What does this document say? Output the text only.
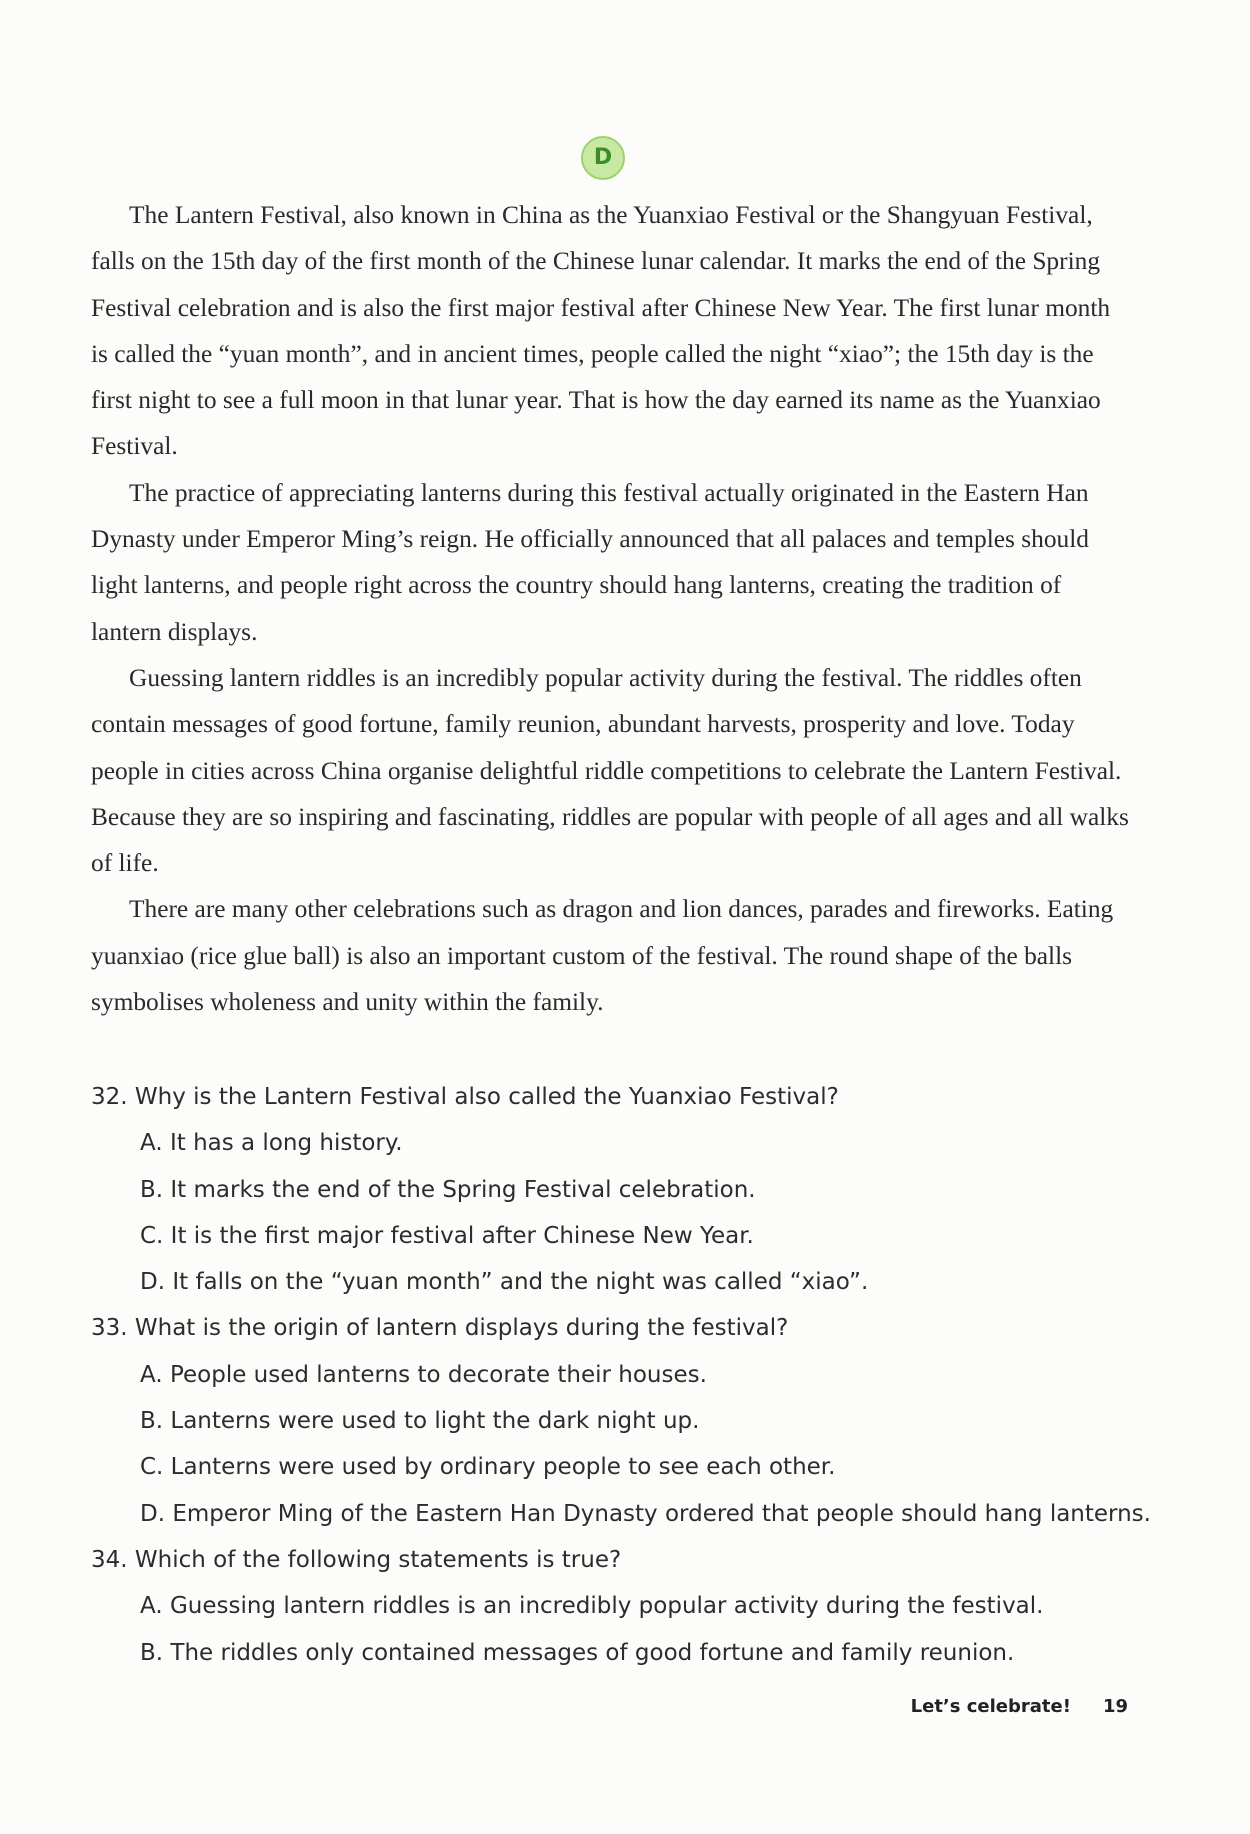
D

The Lantern Festival, also known in China as the Yuanxiao Festival or the Shangyuan Festival, falls on the 15th day of the first month of the Chinese lunar calendar. It marks the end of the Spring Festival celebration and is also the first major festival after Chinese New Year. The first lunar month is called the “yuan month”, and in ancient times, people called the night “xiao”; the 15th day is the first night to see a full moon in that lunar year. That is how the day earned its name as the Yuanxiao Festival.

The practice of appreciating lanterns during this festival actually originated in the Eastern Han Dynasty under Emperor Ming’s reign. He officially announced that all palaces and temples should light lanterns, and people right across the country should hang lanterns, creating the tradition of lantern displays.

Guessing lantern riddles is an incredibly popular activity during the festival. The riddles often contain messages of good fortune, family reunion, abundant harvests, prosperity and love. Today people in cities across China organise delightful riddle competitions to celebrate the Lantern Festival. Because they are so inspiring and fascinating, riddles are popular with people of all ages and all walks of life.

There are many other celebrations such as dragon and lion dances, parades and fireworks. Eating yuanxiao (rice glue ball) is also an important custom of the festival. The round shape of the balls symbolises wholeness and unity within the family.

32. Why is the Lantern Festival also called the Yuanxiao Festival?

A. It has a long history.

B. It marks the end of the Spring Festival celebration.

C. It is the first major festival after Chinese New Year.

D. It falls on the “yuan month” and the night was called “xiao”.

33. What is the origin of lantern displays during the festival?

A. People used lanterns to decorate their houses.

B. Lanterns were used to light the dark night up.

C. Lanterns were used by ordinary people to see each other.

D. Emperor Ming of the Eastern Han Dynasty ordered that people should hang lanterns.

34. Which of the following statements is true?

A. Guessing lantern riddles is an incredibly popular activity during the festival.

B. The riddles only contained messages of good fortune and family reunion.

Let’s celebrate! 19
